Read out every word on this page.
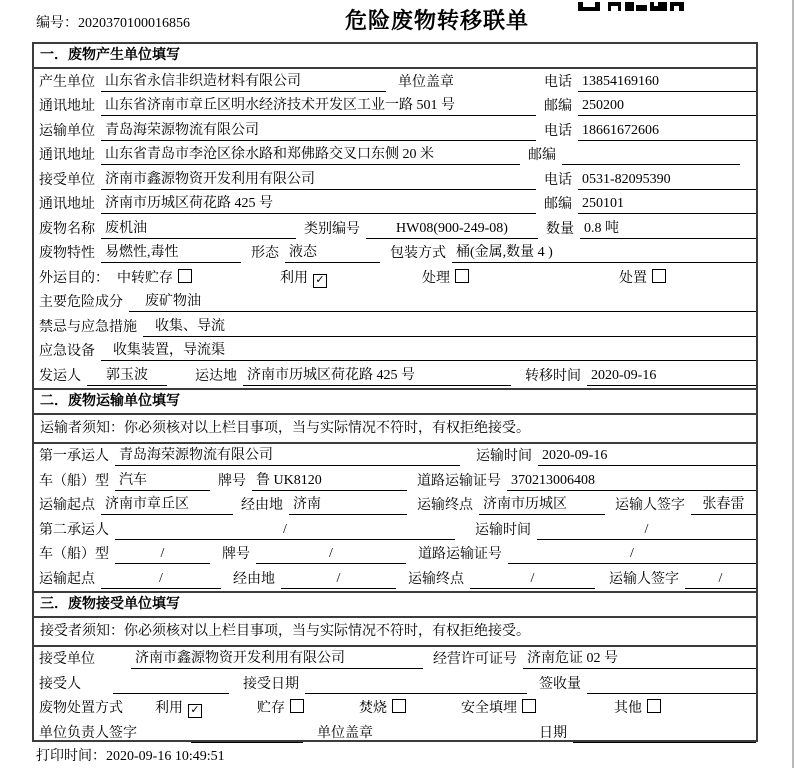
编号：2020370100016856	危险废物转移联单
一．废物产生单位填写
产生单位 山东省永信非织造材料有限公司	单位盖章	电话 13854169160
通讯地址 山东省济南市章丘区明水经济技术开发区工业一路 501 号	邮编 250200
运输单位 青岛海荣源物流有限公司	电话 18661672606
通讯地址 山东省青岛市李沧区徐水路和郑佛路交叉口东侧 20 米	邮编
接受单位 济南市鑫源物资开发利用有限公司	电话 0531-82095390
通讯地址 济南市历城区荷花路 425 号	邮编 250101
废物名称 废机油	类别编号	HW08(900-249-08)	数量 0.8 吨
废物特性 易燃性,毒性	形态 液态	包装方式 桶(金属,数量 4 )
外运目的： 中转贮存	利用 ✓	处理	处置
主要危险成分	废矿物油
禁忌与应急措施	收集、导流
应急设备	收集装置，导流渠
发运人	郭玉波	运达地 济南市历城区荷花路 425 号	转移时间 2020-09-16
二．废物运输单位填写
运输者须知：你必须核对以上栏目事项，当与实际情况不符时，有权拒绝接受。
第一承运人 青岛海荣源物流有限公司	运输时间 2020-09-16
车（船）型 汽车	牌号 鲁 UK8120	道路运输证号 370213006408
运输起点 济南市章丘区	经由地 济南	运输终点 济南市历城区	运输人签字	张春雷
第二承运人	/	运输时间	/
车（船）型	/	牌号	/	道路运输证号	/
运输起点	/	经由地	/	运输终点	/	运输人签字	/
三．废物接受单位填写
接受者须知：你必须核对以上栏目事项，当与实际情况不符时，有权拒绝接受。
接受单位	济南市鑫源物资开发利用有限公司	经营许可证号 济南危证 02 号
接受人	接受日期	签收量
废物处置方式	利用 ✓	贮存	焚烧	安全填埋	其他
单位负责人签字	单位盖章	日期
打印时间：2020-09-16 10:49:51
